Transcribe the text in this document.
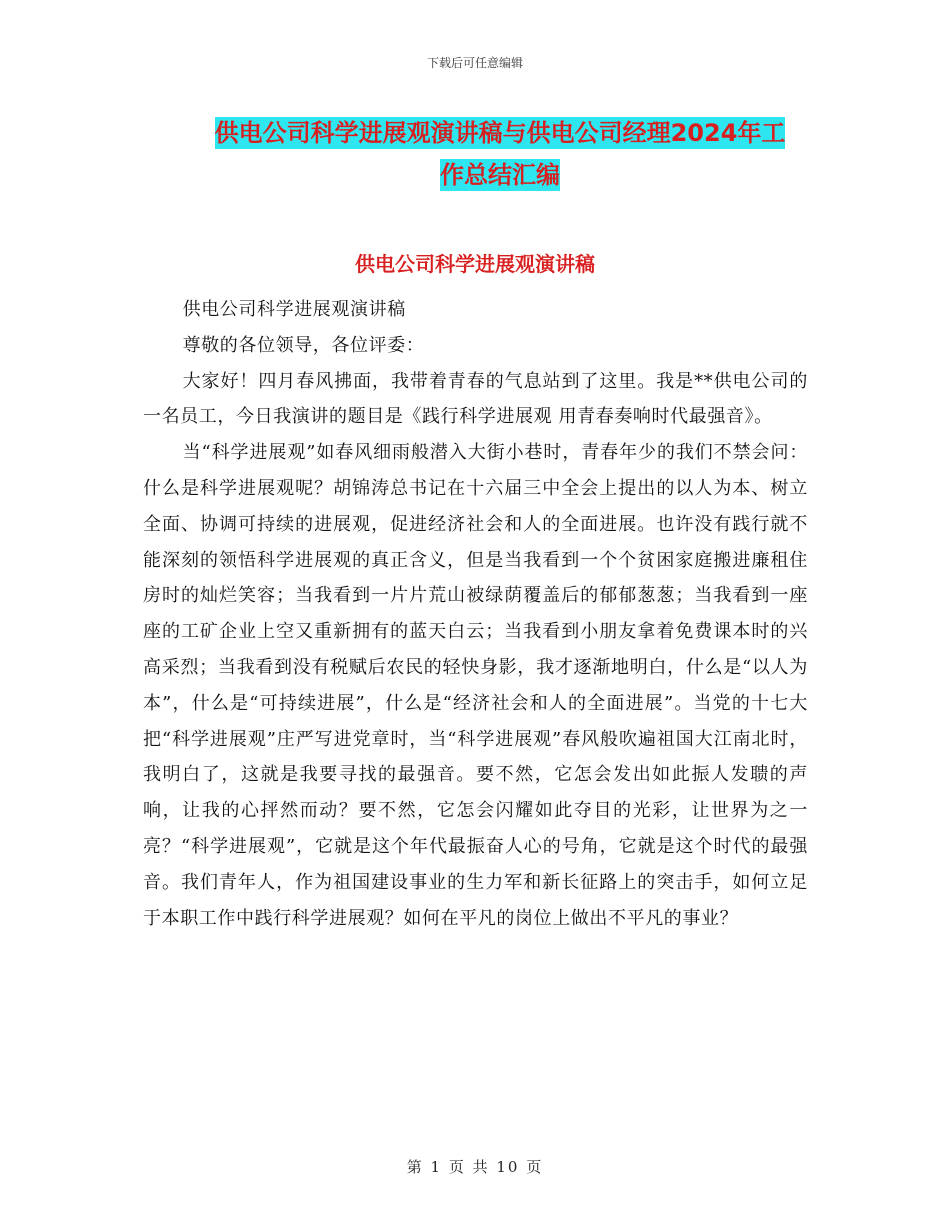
下载后可任意编辑
供电公司科学进展观演讲稿与供电公司经理2024年工
作总结汇编
供电公司科学进展观演讲稿

供电公司科学进展观演讲稿

尊敬的各位领导，各位评委：

大家好！四月春风拂面，我带着青春的气息站到了这里。我是**供电公司的一名员工，今日我演讲的题目是《践行科学进展观 用青春奏响时代最强音》。

当“科学进展观”如春风细雨般潜入大街小巷时，青春年少的我们不禁会问：什么是科学进展观呢？胡锦涛总书记在十六届三中全会上提出的以人为本、树立全面、协调可持续的进展观，促进经济社会和人的全面进展。也许没有践行就不能深刻的领悟科学进展观的真正含义，但是当我看到一个个贫困家庭搬进廉租住房时的灿烂笑容；当我看到一片片荒山被绿荫覆盖后的郁郁葱葱；当我看到一座座的工矿企业上空又重新拥有的蓝天白云；当我看到小朋友拿着免费课本时的兴高采烈；当我看到没有税赋后农民的轻快身影，我才逐渐地明白，什么是“以人为本”，什么是“可持续进展”，什么是“经济社会和人的全面进展”。当党的十七大把“科学进展观”庄严写进党章时，当“科学进展观”春风般吹遍祖国大江南北时，我明白了，这就是我要寻找的最强音。要不然，它怎会发出如此振人发聩的声响，让我的心抨然而动？要不然，它怎会闪耀如此夺目的光彩，让世界为之一亮？“科学进展观”，它就是这个年代最振奋人心的号角，它就是这个时代的最强音。我们青年人，作为祖国建设事业的生力军和新长征路上的突击手，如何立足于本职工作中践行科学进展观？如何在平凡的岗位上做出不平凡的事业？

第 1 页 共 10 页
